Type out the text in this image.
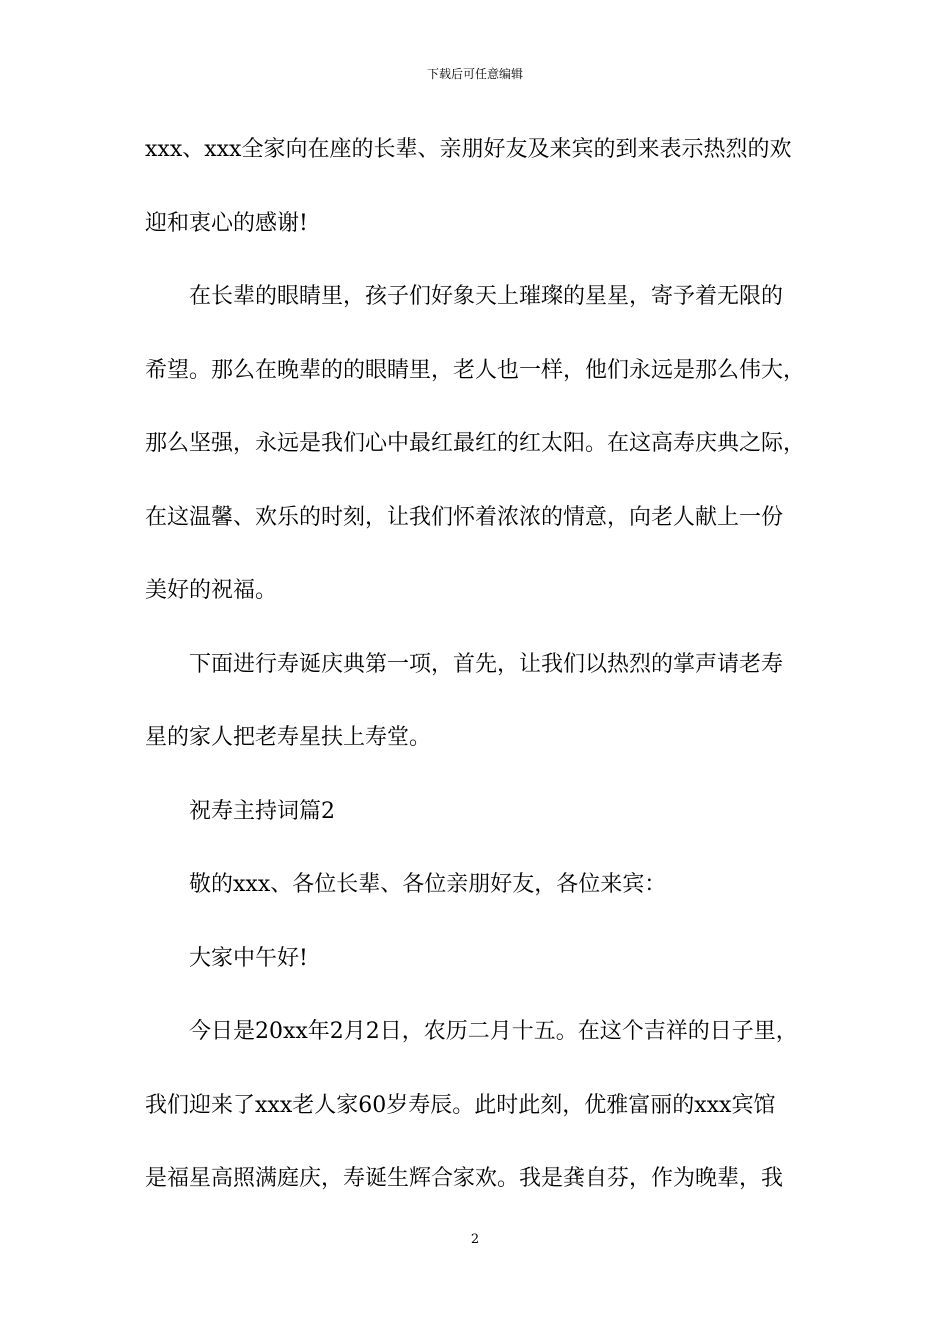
下载后可任意编辑
xxx、xxx全家向在座的长辈、亲朋好友及来宾的到来表示热烈的欢
迎和衷心的感谢!
在长辈的眼睛里，孩子们好象天上璀璨的星星，寄予着无限的
希望。那么在晚辈的的眼睛里，老人也一样，他们永远是那么伟大，
那么坚强，永远是我们心中最红最红的红太阳。在这高寿庆典之际，
在这温馨、欢乐的时刻，让我们怀着浓浓的情意，向老人献上一份
美好的祝福。
下面进行寿诞庆典第一项，首先，让我们以热烈的掌声请老寿
星的家人把老寿星扶上寿堂。
祝寿主持词篇2
敬的xxx、各位长辈、各位亲朋好友，各位来宾：
大家中午好!
今日是20xx年2月2日，农历二月十五。在这个吉祥的日子里，
我们迎来了xxx老人家60岁寿辰。此时此刻，优雅富丽的xxx宾馆
是福星高照满庭庆，寿诞生辉合家欢。我是龚自芬，作为晚辈，我
2
